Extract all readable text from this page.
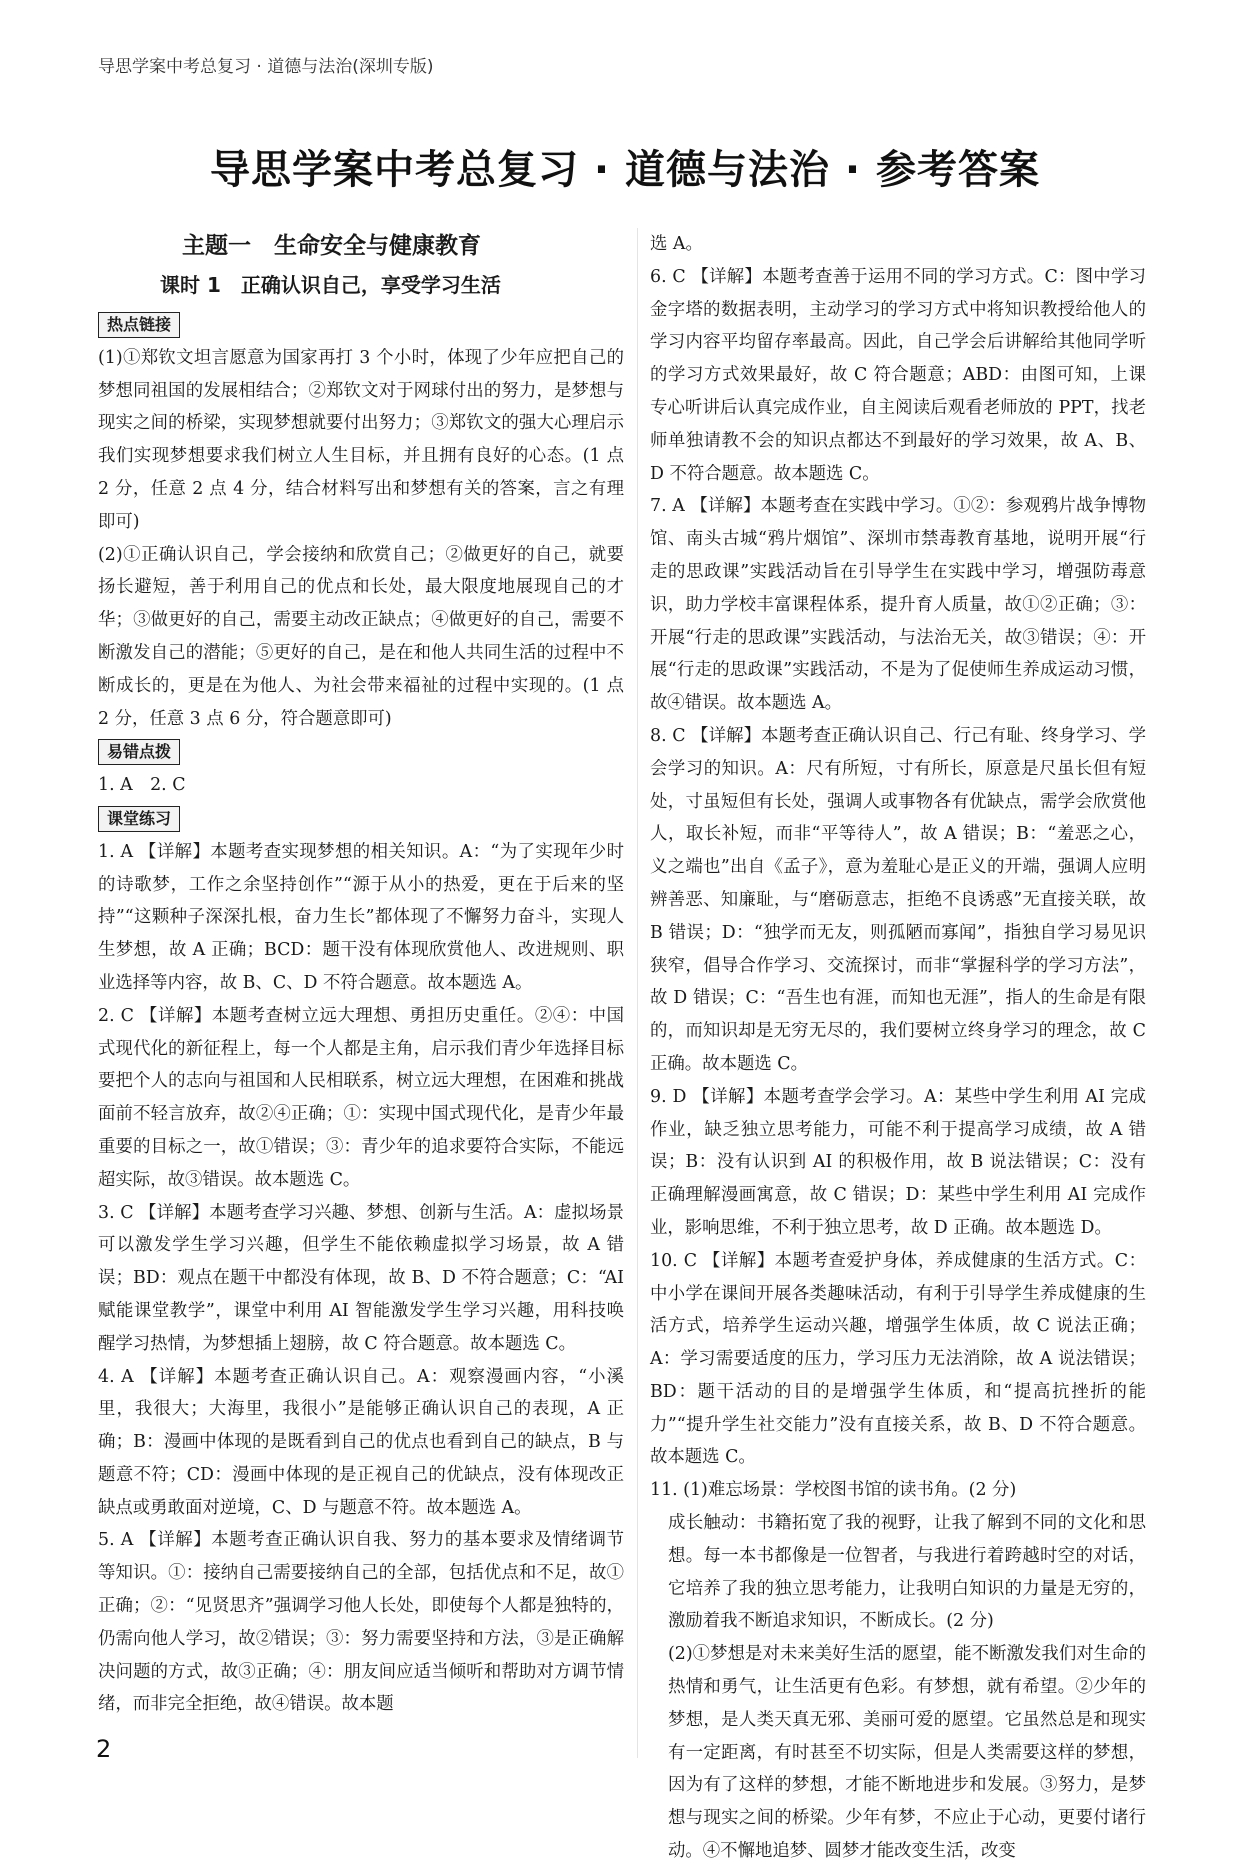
导思学案中考总复习 · 道德与法治(深圳专版)
导思学案中考总复习 · 道德与法治 · 参考答案

主题一　生命安全与健康教育

课时 1　正确认识自己，享受学习生活

热点链接

(1)①郑钦文坦言愿意为国家再打 3 个小时，体现了少年应把自己的梦想同祖国的发展相结合；②郑钦文对于网球付出的努力，是梦想与现实之间的桥梁，实现梦想就要付出努力；③郑钦文的强大心理启示我们实现梦想要求我们树立人生目标，并且拥有良好的心态。(1 点 2 分，任意 2 点 4 分，结合材料写出和梦想有关的答案，言之有理即可)

(2)①正确认识自己，学会接纳和欣赏自己；②做更好的自己，就要扬长避短，善于利用自己的优点和长处，最大限度地展现自己的才华；③做更好的自己，需要主动改正缺点；④做更好的自己，需要不断激发自己的潜能；⑤更好的自己，是在和他人共同生活的过程中不断成长的，更是在为他人、为社会带来福祉的过程中实现的。(1 点 2 分，任意 3 点 6 分，符合题意即可)

易错点拨

1. A　2. C

课堂练习

1. A 【详解】本题考查实现梦想的相关知识。A：“为了实现年少时的诗歌梦，工作之余坚持创作”“源于从小的热爱，更在于后来的坚持”“这颗种子深深扎根，奋力生长”都体现了不懈努力奋斗，实现人生梦想，故 A 正确；BCD：题干没有体现欣赏他人、改进规则、职业选择等内容，故 B、C、D 不符合题意。故本题选 A。

2. C 【详解】本题考查树立远大理想、勇担历史重任。②④：中国式现代化的新征程上，每一个人都是主角，启示我们青少年选择目标要把个人的志向与祖国和人民相联系，树立远大理想，在困难和挑战面前不轻言放弃，故②④正确；①：实现中国式现代化，是青少年最重要的目标之一，故①错误；③：青少年的追求要符合实际，不能远超实际，故③错误。故本题选 C。

3. C 【详解】本题考查学习兴趣、梦想、创新与生活。A：虚拟场景可以激发学生学习兴趣，但学生不能依赖虚拟学习场景，故 A 错误；BD：观点在题干中都没有体现，故 B、D 不符合题意；C：“AI 赋能课堂教学”，课堂中利用 AI 智能激发学生学习兴趣，用科技唤醒学习热情，为梦想插上翅膀，故 C 符合题意。故本题选 C。

4. A 【详解】本题考查正确认识自己。A：观察漫画内容，“小溪里，我很大；大海里，我很小”是能够正确认识自己的表现，A 正确；B：漫画中体现的是既看到自己的优点也看到自己的缺点，B 与题意不符；CD：漫画中体现的是正视自己的优缺点，没有体现改正缺点或勇敢面对逆境，C、D 与题意不符。故本题选 A。

5. A 【详解】本题考查正确认识自我、努力的基本要求及情绪调节等知识。①：接纳自己需要接纳自己的全部，包括优点和不足，故①正确；②：“见贤思齐”强调学习他人长处，即使每个人都是独特的，仍需向他人学习，故②错误；③：努力需要坚持和方法，③是正确解决问题的方式，故③正确；④：朋友间应适当倾听和帮助对方调节情绪，而非完全拒绝，故④错误。故本题

选 A。

6. C 【详解】本题考查善于运用不同的学习方式。C：图中学习金字塔的数据表明，主动学习的学习方式中将知识教授给他人的学习内容平均留存率最高。因此，自己学会后讲解给其他同学听的学习方式效果最好，故 C 符合题意；ABD：由图可知，上课专心听讲后认真完成作业，自主阅读后观看老师放的 PPT，找老师单独请教不会的知识点都达不到最好的学习效果，故 A、B、D 不符合题意。故本题选 C。

7. A 【详解】本题考查在实践中学习。①②：参观鸦片战争博物馆、南头古城“鸦片烟馆”、深圳市禁毒教育基地，说明开展“行走的思政课”实践活动旨在引导学生在实践中学习，增强防毒意识，助力学校丰富课程体系，提升育人质量，故①②正确；③：开展“行走的思政课”实践活动，与法治无关，故③错误；④：开展“行走的思政课”实践活动，不是为了促使师生养成运动习惯，故④错误。故本题选 A。

8. C 【详解】本题考查正确认识自己、行己有耻、终身学习、学会学习的知识。A：尺有所短，寸有所长，原意是尺虽长但有短处，寸虽短但有长处，强调人或事物各有优缺点，需学会欣赏他人，取长补短，而非“平等待人”，故 A 错误；B：“羞恶之心，义之端也”出自《孟子》，意为羞耻心是正义的开端，强调人应明辨善恶、知廉耻，与“磨砺意志，拒绝不良诱惑”无直接关联，故 B 错误；D：“独学而无友，则孤陋而寡闻”，指独自学习易见识狭窄，倡导合作学习、交流探讨，而非“掌握科学的学习方法”，故 D 错误；C：“吾生也有涯，而知也无涯”，指人的生命是有限的，而知识却是无穷无尽的，我们要树立终身学习的理念，故 C 正确。故本题选 C。

9. D 【详解】本题考查学会学习。A：某些中学生利用 AI 完成作业，缺乏独立思考能力，可能不利于提高学习成绩，故 A 错误；B：没有认识到 AI 的积极作用，故 B 说法错误；C：没有正确理解漫画寓意，故 C 错误；D：某些中学生利用 AI 完成作业，影响思维，不利于独立思考，故 D 正确。故本题选 D。

10. C 【详解】本题考查爱护身体，养成健康的生活方式。C：中小学在课间开展各类趣味活动，有利于引导学生养成健康的生活方式，培养学生运动兴趣，增强学生体质，故 C 说法正确；A：学习需要适度的压力，学习压力无法消除，故 A 说法错误；BD：题干活动的目的是增强学生体质，和“提高抗挫折的能力”“提升学生社交能力”没有直接关系，故 B、D 不符合题意。故本题选 C。

11. (1)难忘场景：学校图书馆的读书角。(2 分)

成长触动：书籍拓宽了我的视野，让我了解到不同的文化和思想。每一本书都像是一位智者，与我进行着跨越时空的对话，它培养了我的独立思考能力，让我明白知识的力量是无穷的，激励着我不断追求知识，不断成长。(2 分)

(2)①梦想是对未来美好生活的愿望，能不断激发我们对生命的热情和勇气，让生活更有色彩。有梦想，就有希望。②少年的梦想，是人类天真无邪、美丽可爱的愿望。它虽然总是和现实有一定距离，有时甚至不切实际，但是人类需要这样的梦想，因为有了这样的梦想，才能不断地进步和发展。③努力，是梦想与现实之间的桥梁。少年有梦，不应止于心动，更要付诸行动。④不懈地追梦、圆梦才能改变生活，改变

2
